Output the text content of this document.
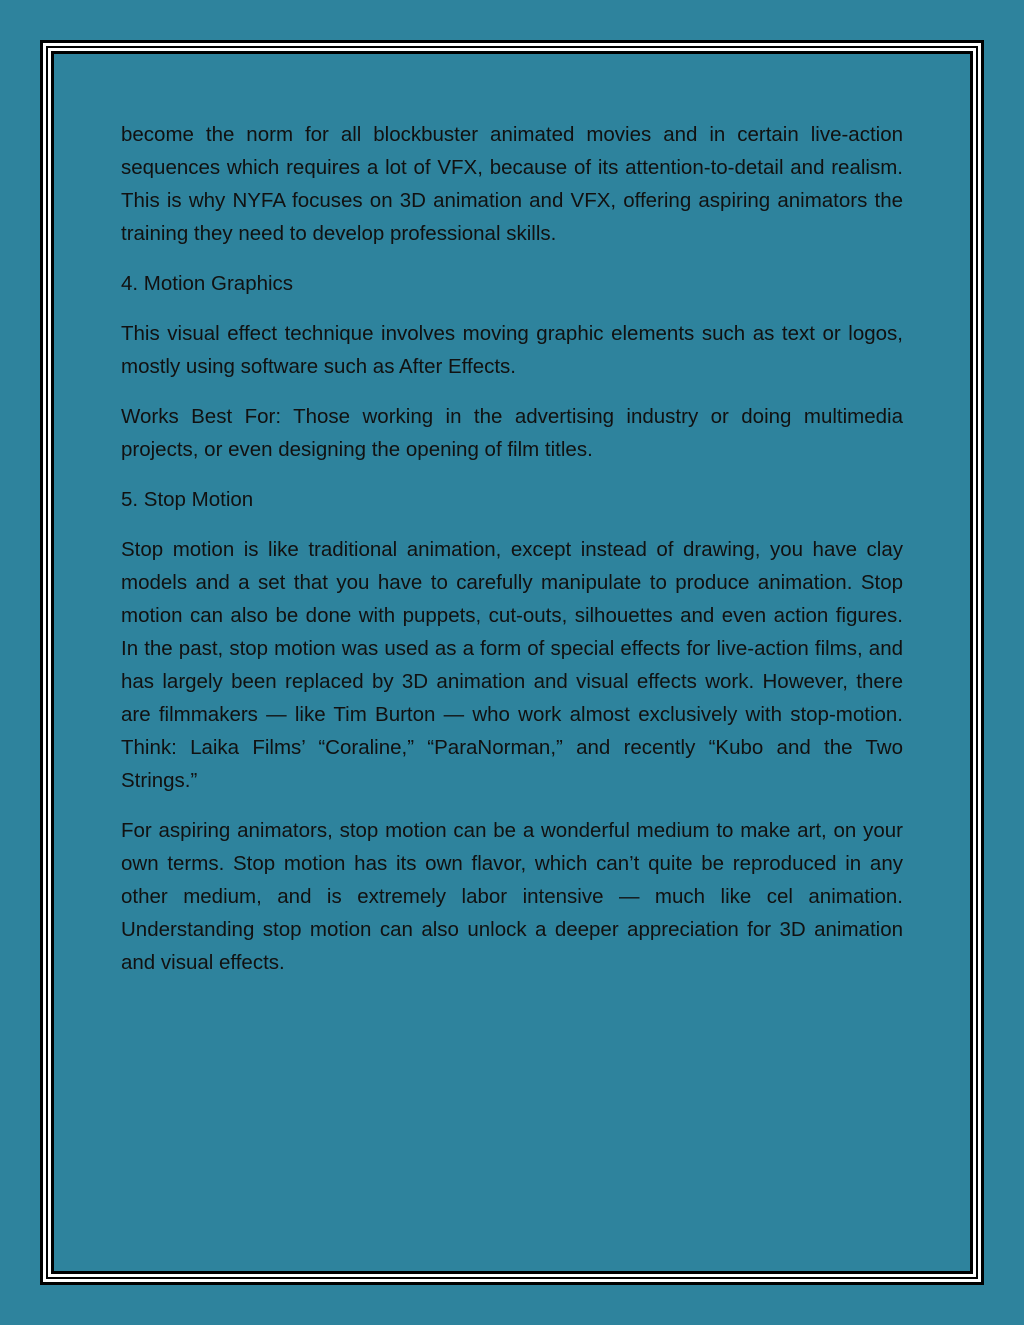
become the norm for all blockbuster animated movies and in certain live-action sequences which requires a lot of VFX, because of its attention-to-detail and realism. This is why NYFA focuses on 3D animation and VFX, offering aspiring animators the training they need to develop professional skills.

4. Motion Graphics

This visual effect technique involves moving graphic elements such as text or logos, mostly using software such as After Effects.

Works Best For: Those working in the advertising industry or doing multimedia projects, or even designing the opening of film titles.

5. Stop Motion

Stop motion is like traditional animation, except instead of drawing, you have clay models and a set that you have to carefully manipulate to produce animation. Stop motion can also be done with puppets, cut-outs, silhouettes and even action figures. In the past, stop motion was used as a form of special effects for live-action films, and has largely been replaced by 3D animation and visual effects work. However, there are filmmakers — like Tim Burton — who work almost exclusively with stop-motion. Think: Laika Films’ “Coraline,” “ParaNorman,” and recently “Kubo and the Two Strings.”

For aspiring animators, stop motion can be a wonderful medium to make art, on your own terms. Stop motion has its own flavor, which can’t quite be reproduced in any other medium, and is extremely labor intensive — much like cel animation. Understanding stop motion can also unlock a deeper appreciation for 3D animation and visual effects.
